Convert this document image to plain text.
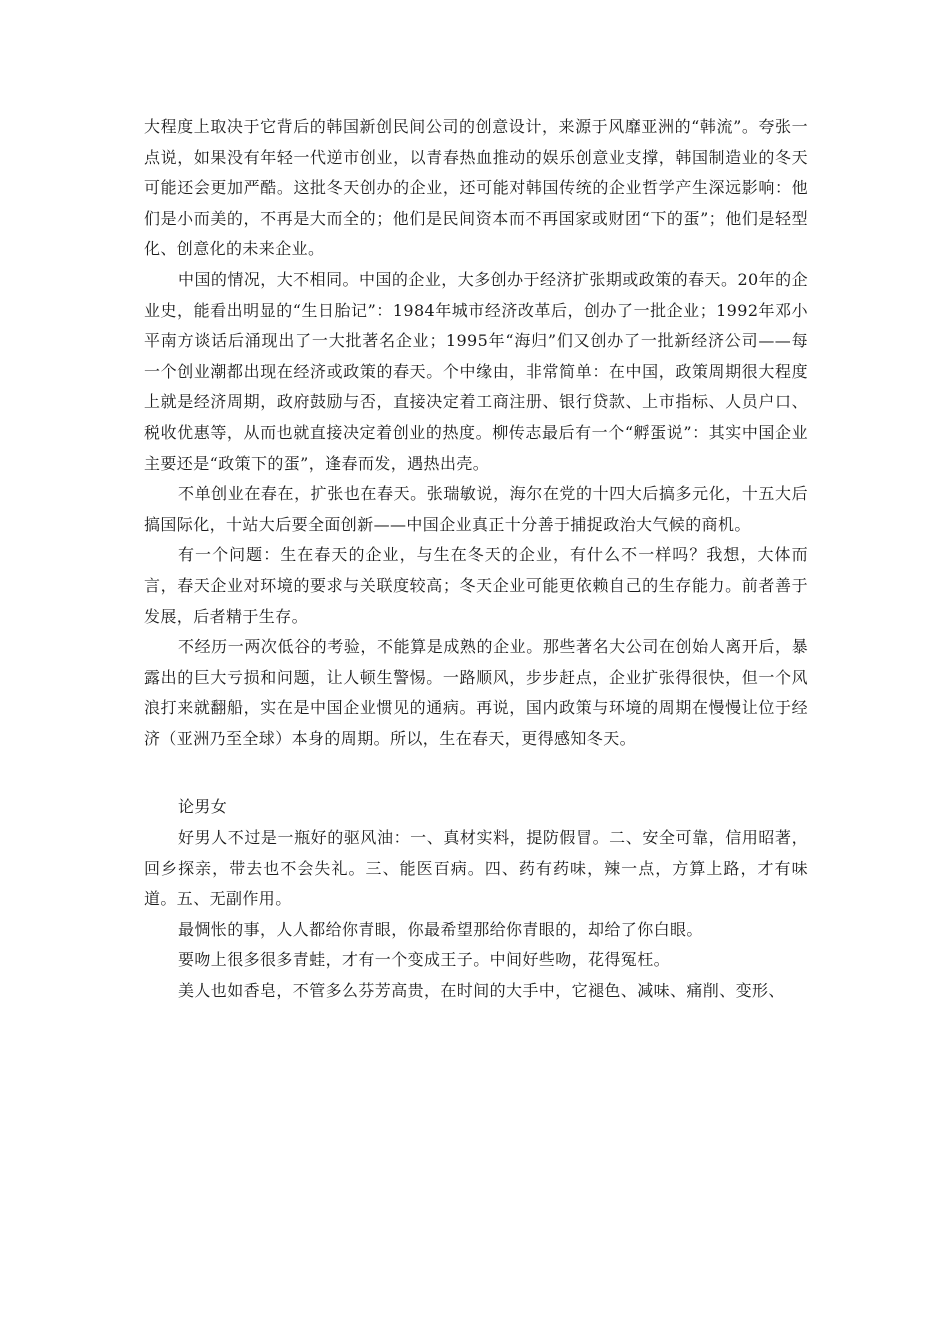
大程度上取决于它背后的韩国新创民间公司的创意设计，来源于风靡亚洲的“韩流”。夸张一点说，如果没有年轻一代逆市创业，以青春热血推动的娱乐创意业支撑，韩国制造业的冬天可能还会更加严酷。这批冬天创办的企业，还可能对韩国传统的企业哲学产生深远影响：他们是小而美的，不再是大而全的；他们是民间资本而不再国家或财团“下的蛋”；他们是轻型化、创意化的未来企业。

中国的情况，大不相同。中国的企业，大多创办于经济扩张期或政策的春天。20年的企业史，能看出明显的“生日胎记”：1984年城市经济改革后，创办了一批企业；1992年邓小平南方谈话后涌现出了一大批著名企业；1995年“海归”们又创办了一批新经济公司——每一个创业潮都出现在经济或政策的春天。个中缘由，非常简单：在中国，政策周期很大程度上就是经济周期，政府鼓励与否，直接决定着工商注册、银行贷款、上市指标、人员户口、税收优惠等，从而也就直接决定着创业的热度。柳传志最后有一个“孵蛋说”：其实中国企业主要还是“政策下的蛋”，逢春而发，遇热出壳。

不单创业在春在，扩张也在春天。张瑞敏说，海尔在党的十四大后搞多元化，十五大后搞国际化，十站大后要全面创新——中国企业真正十分善于捕捉政治大气候的商机。

有一个问题：生在春天的企业，与生在冬天的企业，有什么不一样吗？我想，大体而言，春天企业对环境的要求与关联度较高；冬天企业可能更依赖自己的生存能力。前者善于发展，后者精于生存。

不经历一两次低谷的考验，不能算是成熟的企业。那些著名大公司在创始人离开后，暴露出的巨大亏损和问题，让人顿生警惕。一路顺风，步步赶点，企业扩张得很快，但一个风浪打来就翻船，实在是中国企业惯见的通病。再说，国内政策与环境的周期在慢慢让位于经济（亚洲乃至全球）本身的周期。所以，生在春天，更得感知冬天。

论男女

好男人不过是一瓶好的驱风油：一、真材实料，提防假冒。二、安全可靠，信用昭著，回乡探亲，带去也不会失礼。三、能医百病。四、药有药味，辣一点，方算上路，才有味道。五、无副作用。

最惆怅的事，人人都给你青眼，你最希望那给你青眼的，却给了你白眼。

要吻上很多很多青蛙，才有一个变成王子。中间好些吻，花得冤枉。

美人也如香皂，不管多么芬芳高贵，在时间的大手中，它褪色、减味、痛削、变形、
